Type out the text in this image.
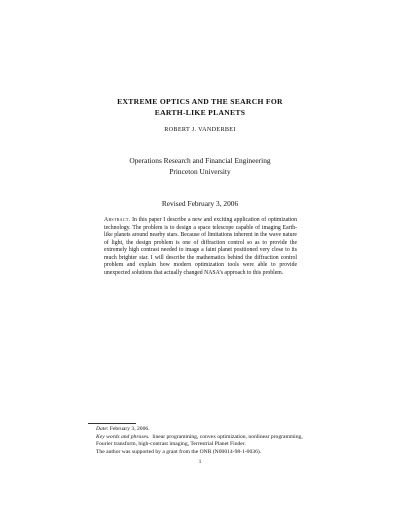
EXTREME OPTICS AND THE SEARCH FOR
EARTH-LIKE PLANETS
ROBERT J. VANDERBEI
Operations Research and Financial Engineering
Princeton University
Revised February 3, 2006
Abstract. In this paper I describe a new and exciting application of optimization technology. The problem is to design a space telescope capable of imaging Earth-like planets around nearby stars. Because of limitations inherent in the wave nature of light, the design problem is one of diffraction control so as to provide the extremely high contrast needed to image a faint planet positioned very close to its much brighter star. I will describe the mathematics behind the diffraction control problem and explain how modern optimization tools were able to provide unexpected solutions that actually changed NASA’s approach to this problem.
Date: February 3, 2006.
Key words and phrases. linear programming, convex optimization, nonlinear programming, Fourier transform, high-contrast imaging, Terrestrial Planet Finder.
The author was supported by a grant from the ONR (N00014-98-1-0036).
1
